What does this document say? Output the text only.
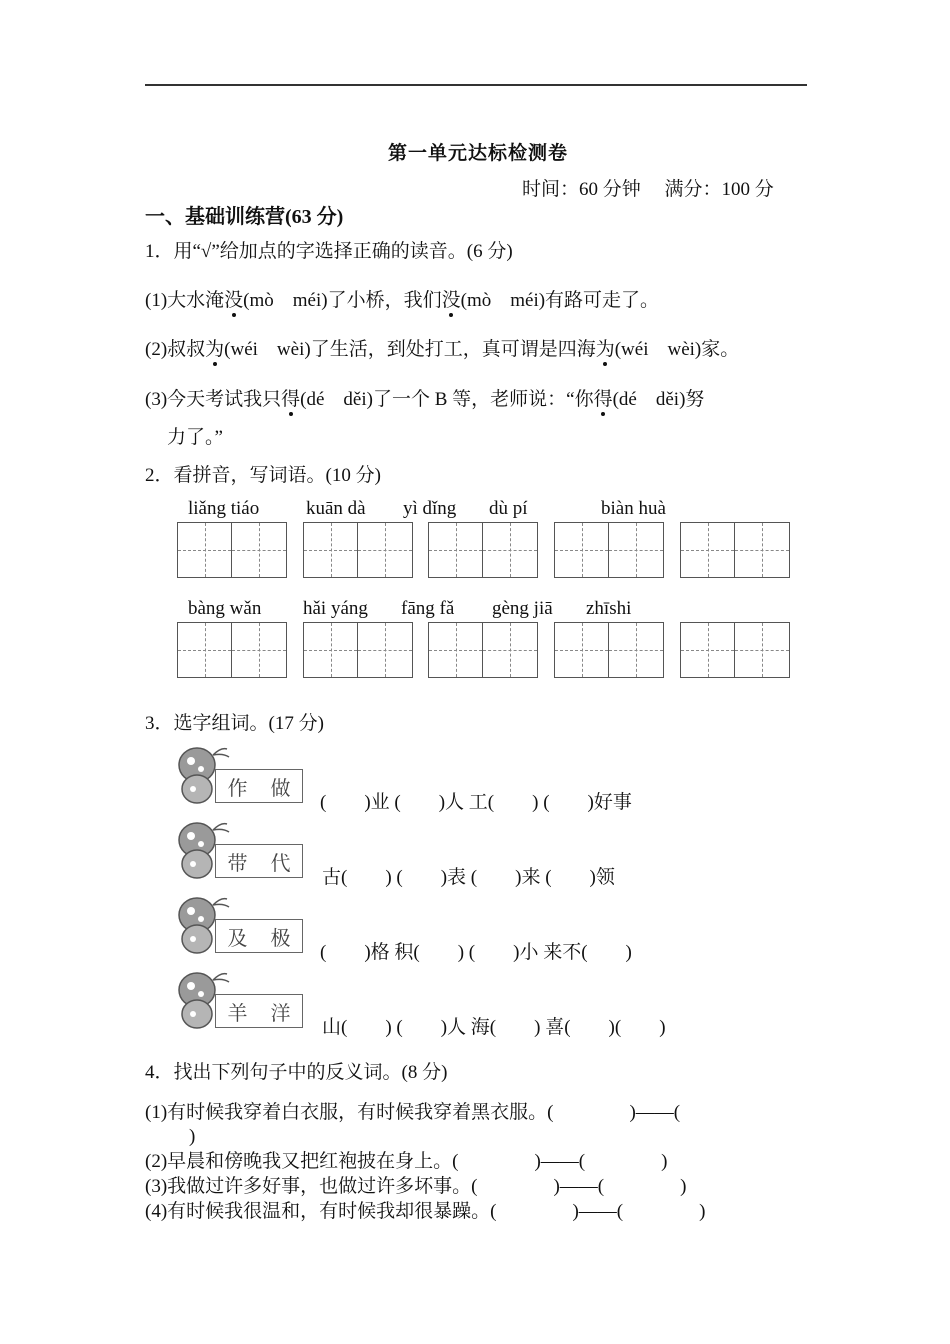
第一单元达标检测卷
时间：60 分钟　 满分：100 分
一、基础训练营(63 分)
1．用“√”给加点的字选择正确的读音。(6 分)
(1)大水淹没(mò　méi)了小桥，我们没(mò　méi)有路可走了。
(2)叔叔为(wéi　wèi)了生活，到处打工，真可谓是四海为(wéi　wèi)家。
(3)今天考试我只得(dé　děi)了一个 B 等，老师说：“你得(dé　děi)努
力了。”
2．看拼音，写词语。(10 分)
liǎng tiáo kuān dà yì dǐng dù pí	biàn huà
bàng wǎn hǎi yáng fāng fǎ gèng jiā zhīshi
3．选字组词。(17 分)
作 做
(　　)业 (　　)人 工(　　) (　　)好事
带 代
古(　　) (　　)表 (　　)来 (　　)领
及 极
(　　)格 积(　　) (　　)小 来不(　　)
羊 洋
山(　　) (　　)人 海(　　) 喜(　　)(　　)
4．找出下列句子中的反义词。(8 分)
(1)有时候我穿着白衣服，有时候我穿着黑衣服。(　　　　)——(
　)
(2)早晨和傍晚我又把红袍披在身上。(　　　　)——(　　　　)
(3)我做过许多好事，也做过许多坏事。(　　　　)——(　　　　)
(4)有时候我很温和，有时候我却很暴躁。(　　　　)——(　　　　)
